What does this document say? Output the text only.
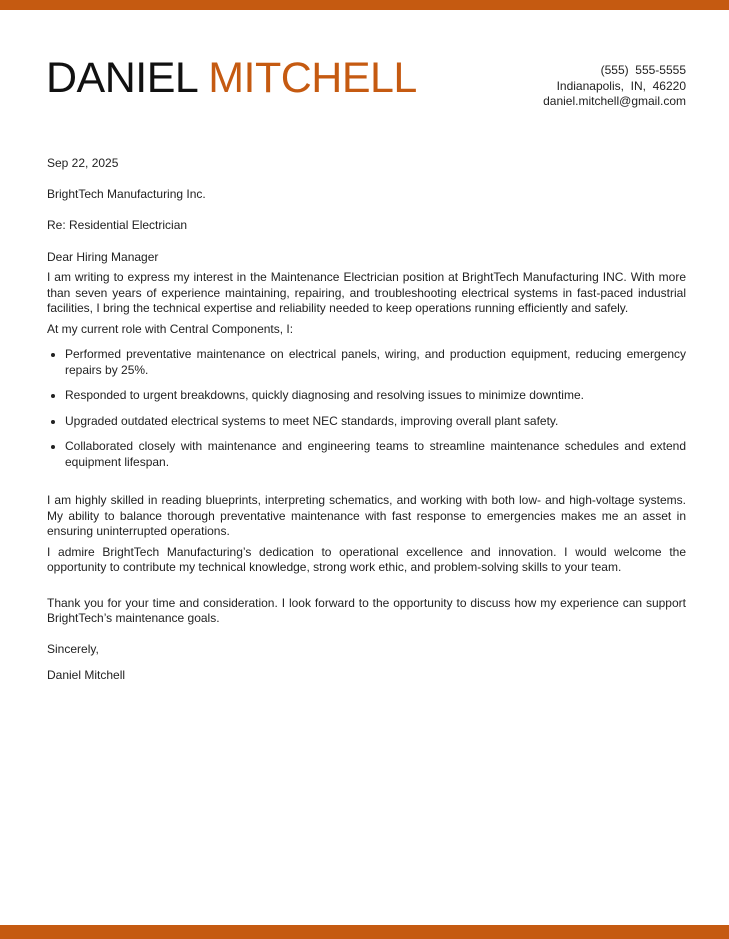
DANIEL MITCHELL	(555)  555-5555
Indianapolis,  IN,  46220
daniel.mitchell@gmail.com

Sep 22, 2025

BrightTech Manufacturing Inc.

Re: Residential Electrician

Dear Hiring Manager

I am writing to express my interest in the Maintenance Electrician position at BrightTech Manufacturing INC. With more than seven years of experience maintaining, repairing, and troubleshooting electrical systems in fast-paced industrial facilities, I bring the technical expertise and reliability needed to keep operations running efficiently and safely.

At my current role with Central Components, I:

Performed preventative maintenance on electrical panels, wiring, and production equipment, reducing emergency repairs by 25%.
Responded to urgent breakdowns, quickly diagnosing and resolving issues to minimize downtime.
Upgraded outdated electrical systems to meet NEC standards, improving overall plant safety.
Collaborated closely with maintenance and engineering teams to streamline maintenance schedules and extend equipment lifespan.

I am highly skilled in reading blueprints, interpreting schematics, and working with both low- and high-voltage systems. My ability to balance thorough preventative maintenance with fast response to emergencies makes me an asset in ensuring uninterrupted operations.

I admire BrightTech Manufacturing’s dedication to operational excellence and innovation. I would welcome the opportunity to contribute my technical knowledge, strong work ethic, and problem-solving skills to your team.

Thank you for your time and consideration. I look forward to the opportunity to discuss how my experience can support BrightTech’s maintenance goals.

Sincerely,

Daniel Mitchell
